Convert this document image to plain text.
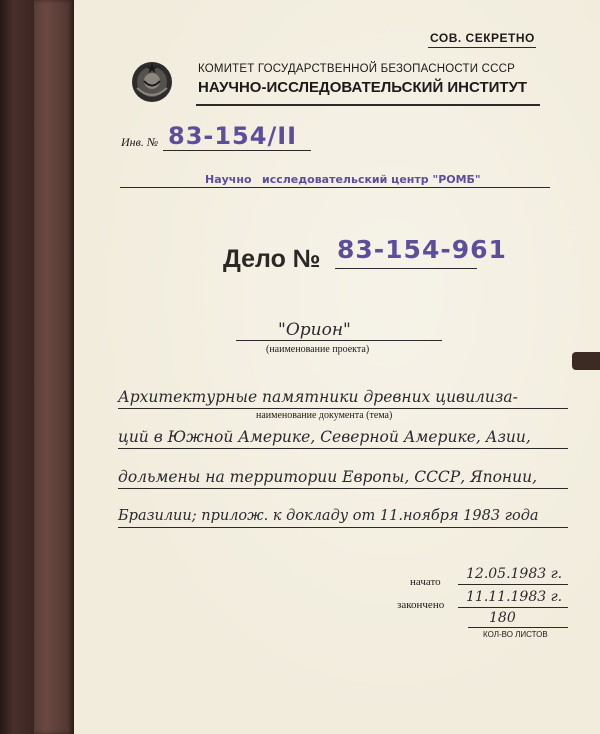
СОВ. СЕКРЕТНО
КОМИТЕТ ГОСУДАРСТВЕННОЙ БЕЗОПАСНОСТИ СССР
НАУЧНО-ИССЛЕДОВАТЕЛЬСКИЙ ИНСТИТУТ
Инв. № 83-154/II
Научно исследовательский центр "РОМБ"
Дело № 83-154-961
"Орион"
(наименование проекта)
Архитектурные памятники древних цивилиза-
наименование документа (тема)
ций в Южной Америке, Северной Америке, Азии,
дольмены на территории Европы, СССР, Японии,
Бразилии; прилож. к докладу от 11.ноября 1983 года
начато 12.05.1983 г.
закончено 11.11.1983 г.
180
КОЛ-ВО ЛИСТОВ
